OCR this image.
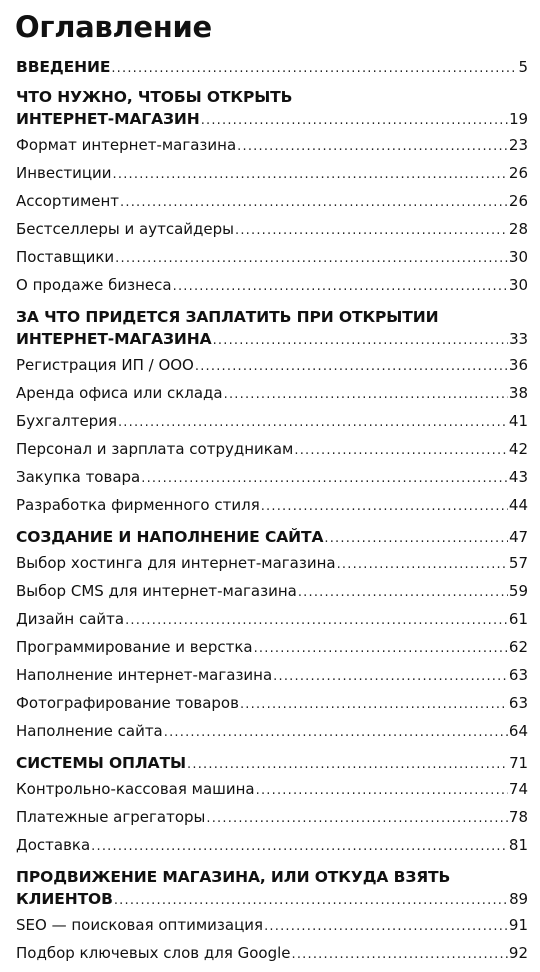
Оглавление
ВВЕДЕНИЕ .....	5
ЧТО НУЖНО, ЧТОБЫ ОТКРЫТЬ
ИНТЕРНЕТ-МАГАЗИН .....	19
Формат интернет-магазина .....	23
Инвестиции .....	26
Ассортимент .....	26
Бестселлеры и аутсайдеры .....	28
Поставщики .....	30
О продаже бизнеса .....	30
ЗА ЧТО ПРИДЕТСЯ ЗАПЛАТИТЬ ПРИ ОТКРЫТИИ
ИНТЕРНЕТ-МАГАЗИНА .....	33
Регистрация ИП / ООО .....	36
Аренда офиса или склада .....	38
Бухгалтерия .....	41
Персонал и зарплата сотрудникам .....	42
Закупка товара .....	43
Разработка фирменного стиля .....	44
СОЗДАНИЕ И НАПОЛНЕНИЕ САЙТА .....	47
Выбор хостинга для интернет-магазина .....	57
Выбор CMS для интернет-магазина .....	59
Дизайн сайта .....	61
Программирование и верстка .....	62
Наполнение интернет-магазина .....	63
Фотографирование товаров .....	63
Наполнение сайта .....	64
СИСТЕМЫ ОПЛАТЫ .....	71
Контрольно-кассовая машина .....	74
Платежные агрегаторы .....	78
Доставка .....	81
ПРОДВИЖЕНИЕ МАГАЗИНА, ИЛИ ОТКУДА ВЗЯТЬ
КЛИЕНТОВ .....	89
SEO — поисковая оптимизация .....	91
Подбор ключевых слов для Google .....	92
